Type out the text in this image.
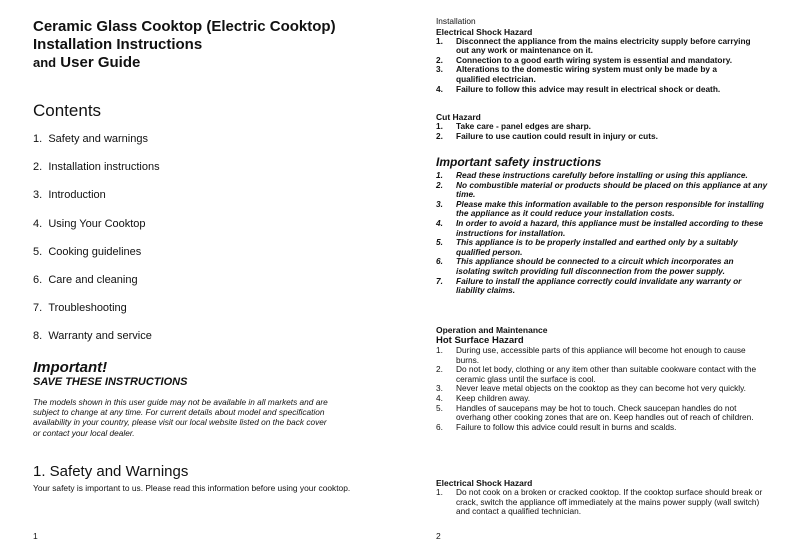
Ceramic Glass Cooktop (Electric Cooktop)
Installation Instructions
and User Guide
Contents
1. Safety and warnings
2. Installation instructions
3. Introduction
4. Using Your Cooktop
5. Cooking guidelines
6. Care and cleaning
7. Troubleshooting
8. Warranty and service
Important!
SAVE THESE INSTRUCTIONS
The models shown in this user guide may not be available in all markets and are
subject to change at any time. For current details about model and specification
availability in your country, please visit our local website listed on the back cover
or contact your local dealer.
1. Safety and Warnings
Your safety is important to us. Please read this information before using your cooktop.
1
Installation
Electrical Shock Hazard
1. Disconnect the appliance from the mains electricity supply before carrying
out any work or maintenance on it.
2. Connection to a good earth wiring system is essential and mandatory.
3. Alterations to the domestic wiring system must only be made by a
qualified electrician.
4. Failure to follow this advice may result in electrical shock or death.
Cut Hazard
1. Take care - panel edges are sharp.
2. Failure to use caution could result in injury or cuts.
Important safety instructions
1. Read these instructions carefully before installing or using this appliance.
2. No combustible material or products should be placed on this appliance at any
time.
3. Please make this information available to the person responsible for installing
the appliance as it could reduce your installation costs.
4. In order to avoid a hazard, this appliance must be installed according to these
instructions for installation.
5. This appliance is to be properly installed and earthed only by a suitably
qualified person.
6. This appliance should be connected to a circuit which incorporates an
isolating switch providing full disconnection from the power supply.
7. Failure to install the appliance correctly could invalidate any warranty or
liability claims.
Operation and Maintenance
Hot Surface Hazard
1. During use, accessible parts of this appliance will become hot enough to cause
burns.
2. Do not let body, clothing or any item other than suitable cookware contact with the
ceramic glass until the surface is cool.
3. Never leave metal objects on the cooktop as they can become hot very quickly.
4. Keep children away.
5. Handles of saucepans may be hot to touch. Check saucepan handles do not
overhang other cooking zones that are on. Keep handles out of reach of children.
6. Failure to follow this advice could result in burns and scalds.
Electrical Shock Hazard
1. Do not cook on a broken or cracked cooktop. If the cooktop surface should break or
crack, switch the appliance off immediately at the mains power supply (wall switch)
and contact a qualified technician.
2
